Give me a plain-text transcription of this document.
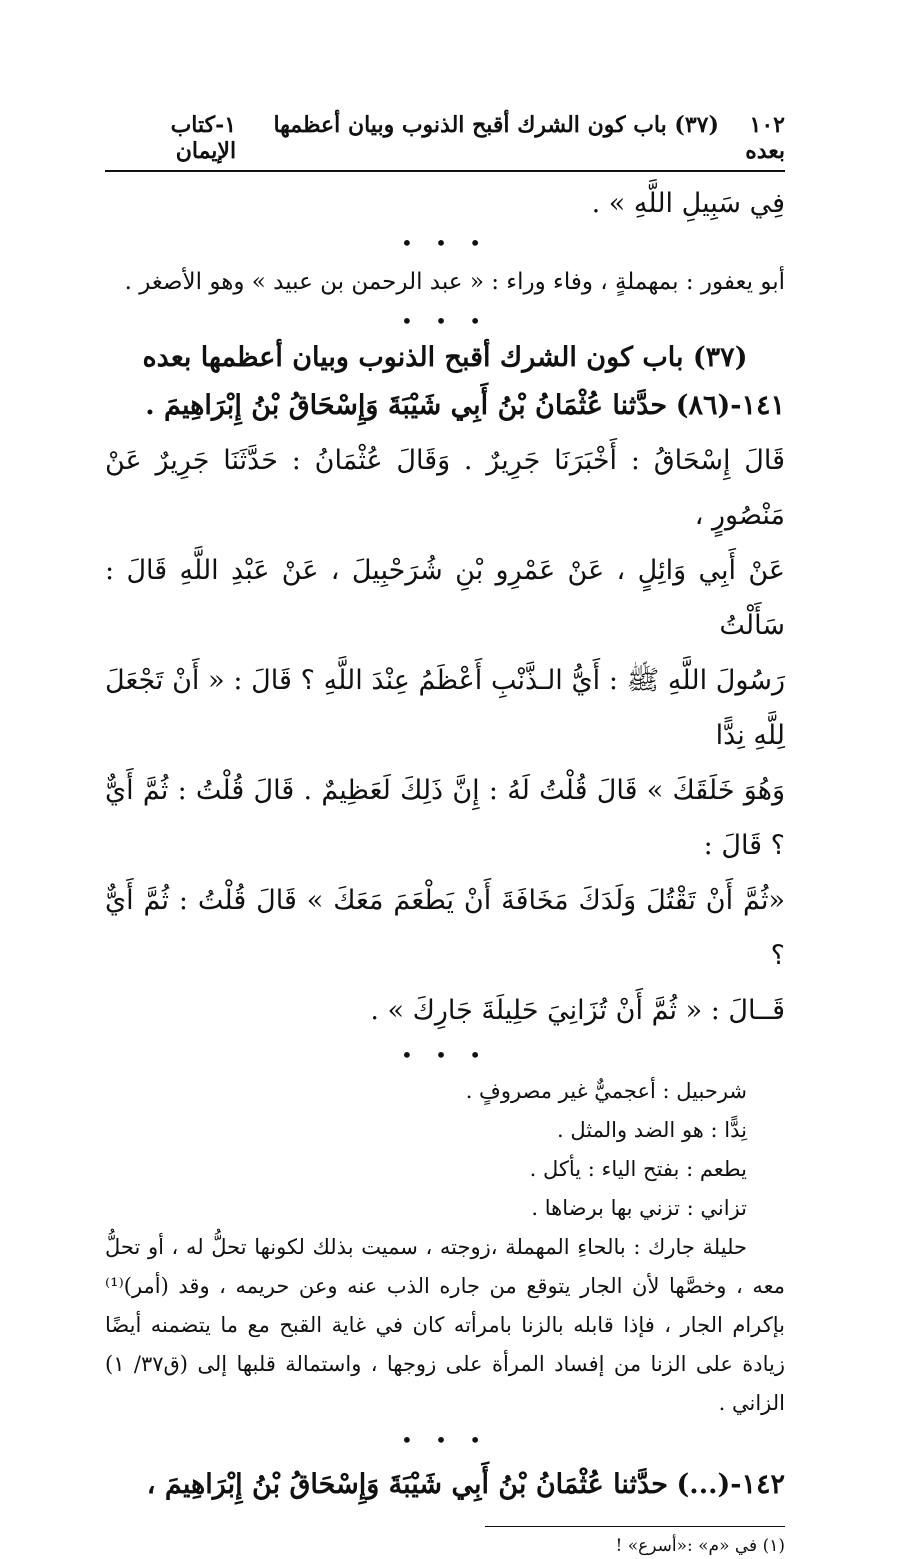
١٠٢    (٣٧) باب كون الشرك أقبح الذنوب وبيان أعظمها بعده
١-كتاب الإيمان

فِي سَبِيلِ اللَّهِ » .

• • •

أبو يعفور : بمهملةٍ ، وفاء وراء : « عبد الرحمن بن عبيد » وهو الأصغر .

• • •

(٣٧) باب كون الشرك أقبح الذنوب وبيان أعظمها بعده

١٤١-(٨٦) حدَّثنا عُثْمَانُ بْنُ أَبِي شَيْبَةَ وَإِسْحَاقُ بْنُ إِبْرَاهِيمَ .

قَالَ إِسْحَاقُ : أَخْبَرَنَا جَرِيرٌ . وَقَالَ عُثْمَانُ : حَدَّثَنَا جَرِيرٌ عَنْ مَنْصُورٍ ،

عَنْ أَبِي وَائِلٍ ، عَنْ عَمْرِو بْنِ شُرَحْبِيلَ ، عَنْ عَبْدِ اللَّهِ قَالَ : سَأَلْتُ

رَسُولَ اللَّهِ ﷺ : أَيُّ الـذَّنْبِ أَعْظَمُ عِنْدَ اللَّهِ ؟ قَالَ : « أَنْ تَجْعَلَ لِلَّهِ نِدًّا

وَهُوَ خَلَقَكَ » قَالَ قُلْتُ لَهُ : إِنَّ ذَلِكَ لَعَظِيمٌ . قَالَ قُلْتُ : ثُمَّ أَيٌّ ؟ قَالَ :

«ثُمَّ أَنْ تَقْتُلَ وَلَدَكَ مَخَافَةَ أَنْ يَطْعَمَ مَعَكَ » قَالَ قُلْتُ : ثُمَّ أَيٌّ ؟

قَــالَ : « ثُمَّ أَنْ تُزَانِيَ حَلِيلَةَ جَارِكَ » .

• • •
شرحبيل : أعجميٌّ غير مصروفٍ .
نِدًّا : هو الضد والمثل .
يطعم : بفتح الياء : يأكل .
تزاني : تزني بها برضاها .
حليلة جارك : بالحاءِ المهملة ،زوجته ، سميت بذلك لكونها تحلُّ له ، أو تحلُّ معه ، وخصَّها لأن الجار يتوقع من جاره الذب عنه وعن حريمه ، وقد (أمر)⁽¹⁾ بإكرام الجار ، فإذا قابله بالزنا بامرأته كان في غاية القبح مع ما يتضمنه أيضًا زيادة على الزنا من إفساد المرأة على زوجها ، واستمالة قلبها إلى (ق٣٧/ ١) الزاني .
• • •

١٤٢-(...) حدَّثنا عُثْمَانُ بْنُ أَبِي شَيْبَةَ وَإِسْحَاقُ بْنُ إِبْرَاهِيمَ ،

(١) في «م» :«أسرع» !
